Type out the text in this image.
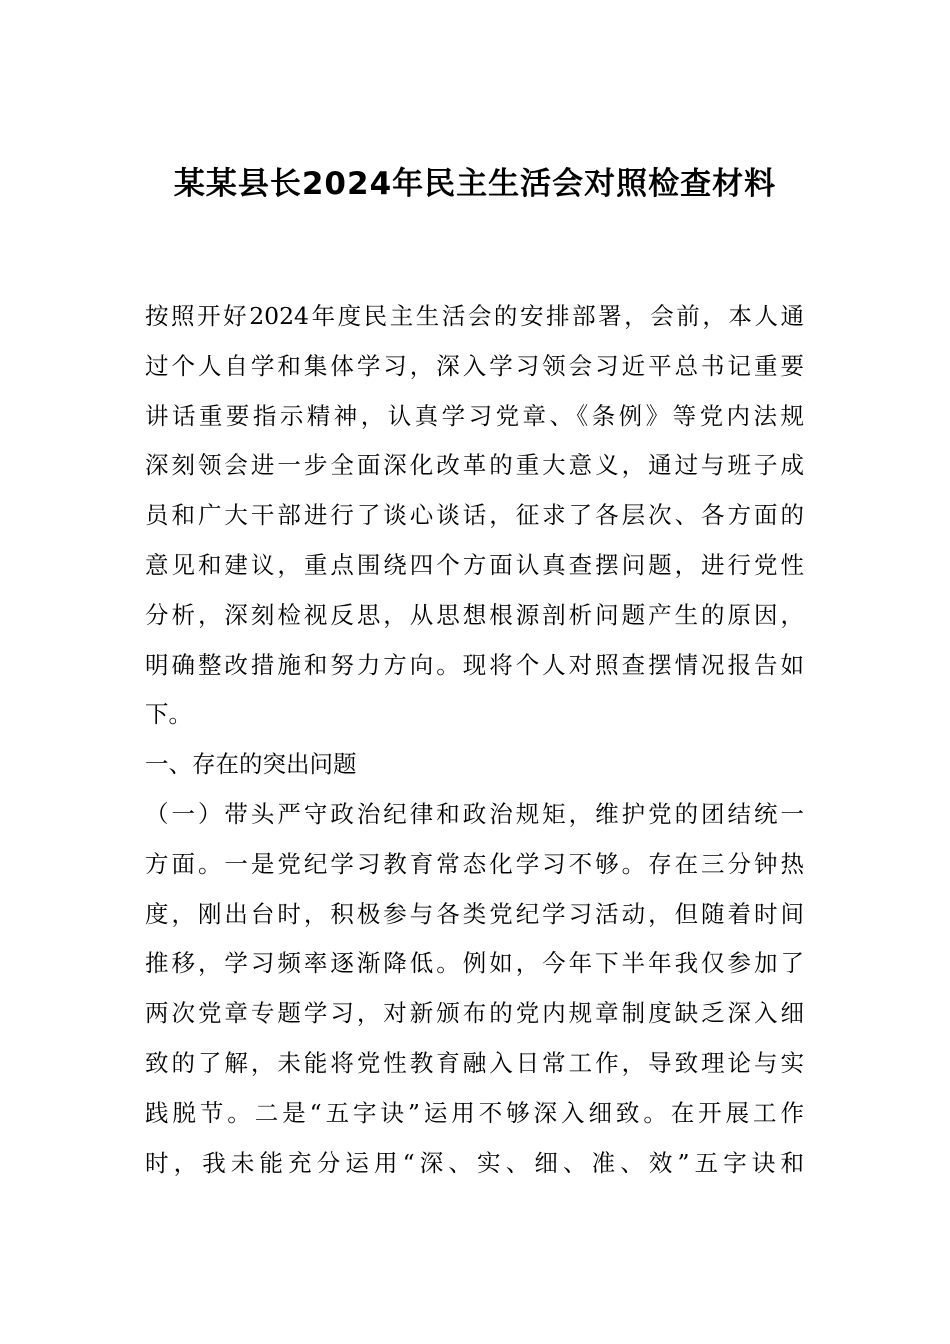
某某县长2024年民主生活会对照检查材料
按照开好2024年度民主生活会的安排部署，会前，本人通
过个人自学和集体学习，深入学习领会习近平总书记重要
讲话重要指示精神，认真学习党章、《条例》等党内法规
深刻领会进一步全面深化改革的重大意义，通过与班子成
员和广大干部进行了谈心谈话，征求了各层次、各方面的
意见和建议，重点围绕四个方面认真查摆问题，进行党性
分析，深刻检视反思，从思想根源剖析问题产生的原因，
明确整改措施和努力方向。现将个人对照查摆情况报告如
下。
一、存在的突出问题
（一）带头严守政治纪律和政治规矩，维护党的团结统一
方面。一是党纪学习教育常态化学习不够。存在三分钟热
度，刚出台时，积极参与各类党纪学习活动，但随着时间
推移，学习频率逐渐降低。例如，今年下半年我仅参加了
两次党章专题学习，对新颁布的党内规章制度缺乏深入细
致的了解，未能将党性教育融入日常工作，导致理论与实
践脱节。二是“五字诀”运用不够深入细致。在开展工作
时，我未能充分运用“深、实、细、准、效”五字诀和
